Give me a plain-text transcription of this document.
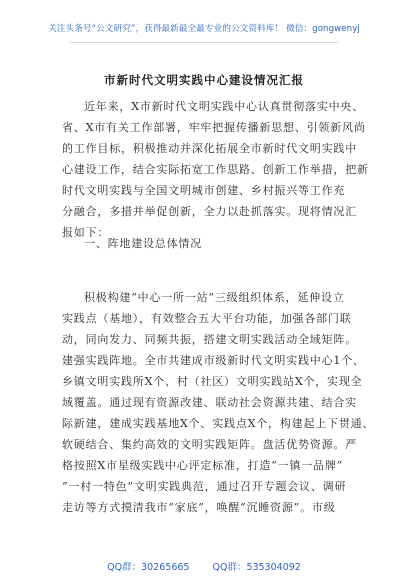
关注头条号“公文研究”，获得最新最全最专业的公文资料库！ 微信：gongwenyj
市新时代文明实践中心建设情况汇报
近年来，X市新时代文明实践中心认真贯彻落实中央、
省、X市有关工作部署，牢牢把握传播新思想、引领新风尚
的工作目标，积极推动并深化拓展全市新时代文明实践中
心建设工作，结合实际拓宽工作思路、创新工作举措，把新
时代文明实践与全国文明城市创建、乡村振兴等工作充
分融合，多措并举促创新，全力以赴抓落实。现将情况汇
报如下：
一、阵地建设总体情况
积极构建“中心一所一站”三级组织体系，延伸设立
实践点（基地），有效整合五大平台功能，加强各部门联
动，同向发力、同频共振，搭建文明实践活动全域矩阵。
建强实践阵地。全市共建成市级新时代文明实践中心1个、
乡镇文明实践所X个、村（社区）文明实践站X个，实现全
域覆盖。通过现有资源改建、联动社会资源共建、结合实
际新建，建成实践基地X个、实践点X个，构建起上下贯通、
软硬结合、集约高效的文明实践矩阵。盘活优势资源。严
格按照X市星级实践中心评定标准，打造“一镇一品牌”
“一村一特色”文明实践典范，通过召开专题会议、调研
走访等方式摸清我市“家底”，唤醒“沉睡资源”。市级
QQ群：30265665 QQ群：535304092
